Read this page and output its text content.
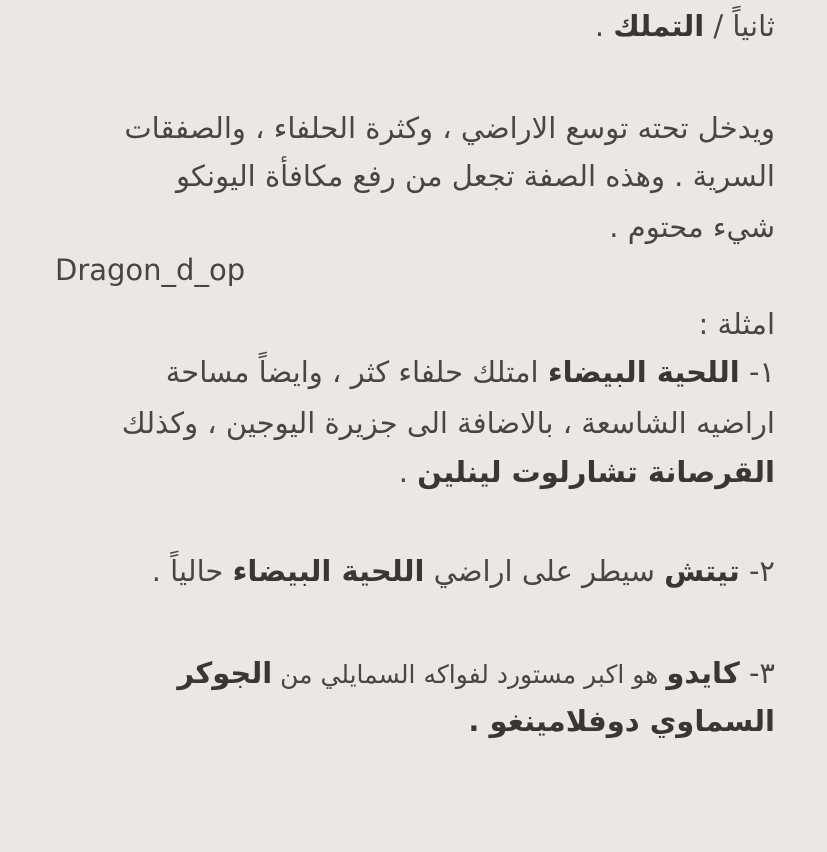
ثانياً / التملك .
ويدخل تحته توسع الاراضي ، وكثرة الحلفاء ، والصفقات
السرية . وهذه الصفة تجعل من رفع مكافأة اليونكو
شيء محتوم .
Dragon_d_op
امثلة :
١- اللحية البيضاء امتلك حلفاء كثر ، وايضاً مساحة
اراضيه الشاسعة ، بالاضافة الى جزيرة اليوجين ، وكذلك
القرصانة تشارلوت لينلين .
٢- تيتش سيطر على اراضي اللحية البيضاء حالياً .
٣- كايدو هو اكبر مستورد لفواكه السمايلي من الجوكر
السماوي دوفلامينغو .
